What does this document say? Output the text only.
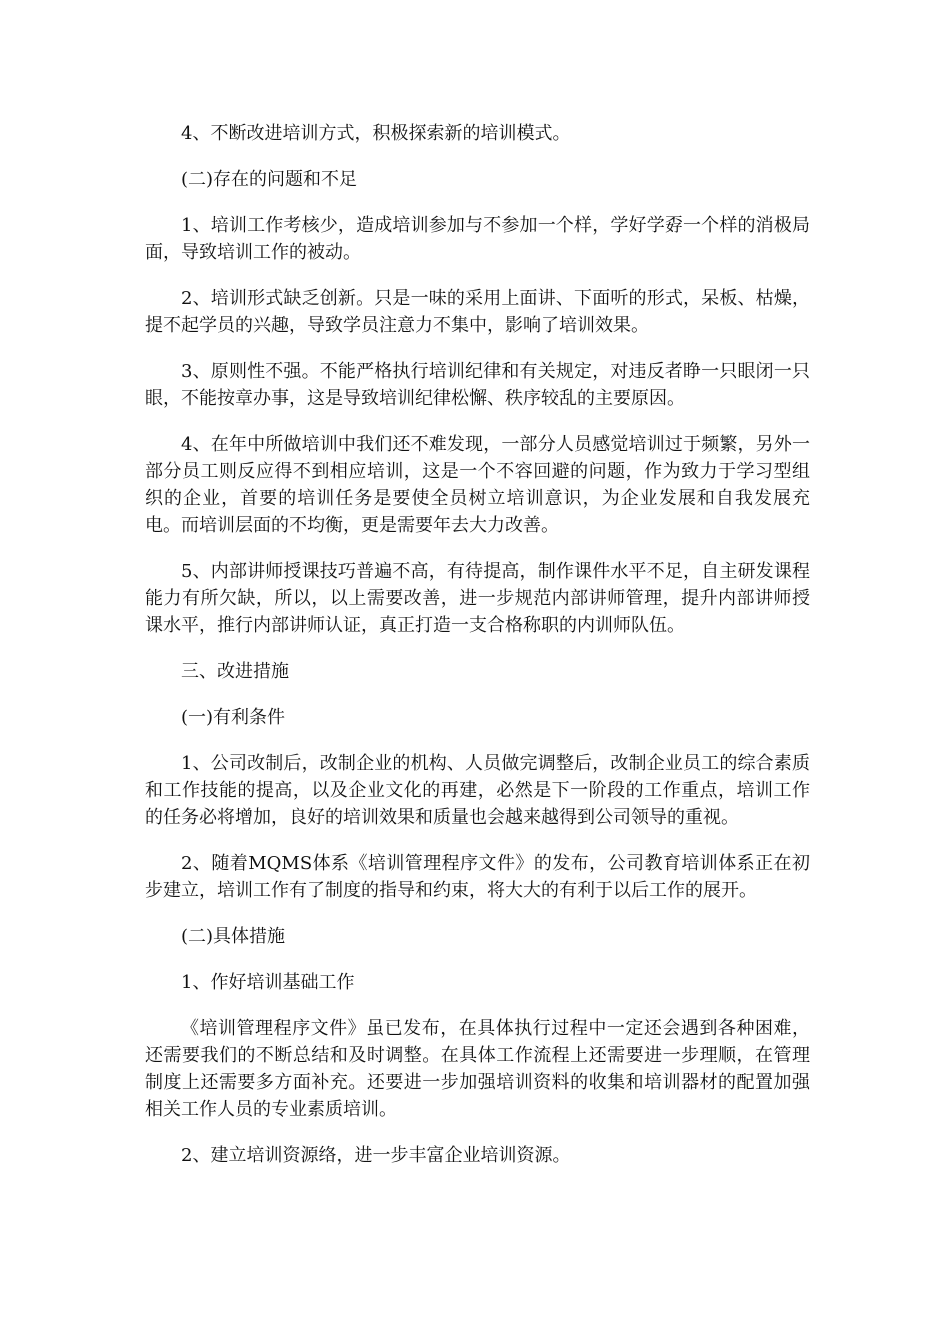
4、不断改进培训方式，积极探索新的培训模式。

(二)存在的问题和不足

1、培训工作考核少，造成培训参加与不参加一个样，学好学孬一个样的消极局面，导致培训工作的被动。

2、培训形式缺乏创新。只是一味的采用上面讲、下面听的形式，呆板、枯燥，提不起学员的兴趣，导致学员注意力不集中，影响了培训效果。

3、原则性不强。不能严格执行培训纪律和有关规定，对违反者睁一只眼闭一只眼，不能按章办事，这是导致培训纪律松懈、秩序较乱的主要原因。

4、在年中所做培训中我们还不难发现，一部分人员感觉培训过于频繁，另外一部分员工则反应得不到相应培训，这是一个不容回避的问题，作为致力于学习型组织的企业，首要的培训任务是要使全员树立培训意识，为企业发展和自我发展充电。而培训层面的不均衡，更是需要年去大力改善。

5、内部讲师授课技巧普遍不高，有待提高，制作课件水平不足，自主研发课程能力有所欠缺，所以，以上需要改善，进一步规范内部讲师管理，提升内部讲师授课水平，推行内部讲师认证，真正打造一支合格称职的内训师队伍。

三、改进措施

(一)有利条件

1、公司改制后，改制企业的机构、人员做完调整后，改制企业员工的综合素质和工作技能的提高，以及企业文化的再建，必然是下一阶段的工作重点，培训工作的任务必将增加，良好的培训效果和质量也会越来越得到公司领导的重视。

2、随着MQMS体系《培训管理程序文件》的发布，公司教育培训体系正在初步建立，培训工作有了制度的指导和约束，将大大的有利于以后工作的展开。

(二)具体措施

1、作好培训基础工作

《培训管理程序文件》虽已发布，在具体执行过程中一定还会遇到各种困难，还需要我们的不断总结和及时调整。在具体工作流程上还需要进一步理顺，在管理制度上还需要多方面补充。还要进一步加强培训资料的收集和培训器材的配置加强相关工作人员的专业素质培训。

2、建立培训资源络，进一步丰富企业培训资源。
